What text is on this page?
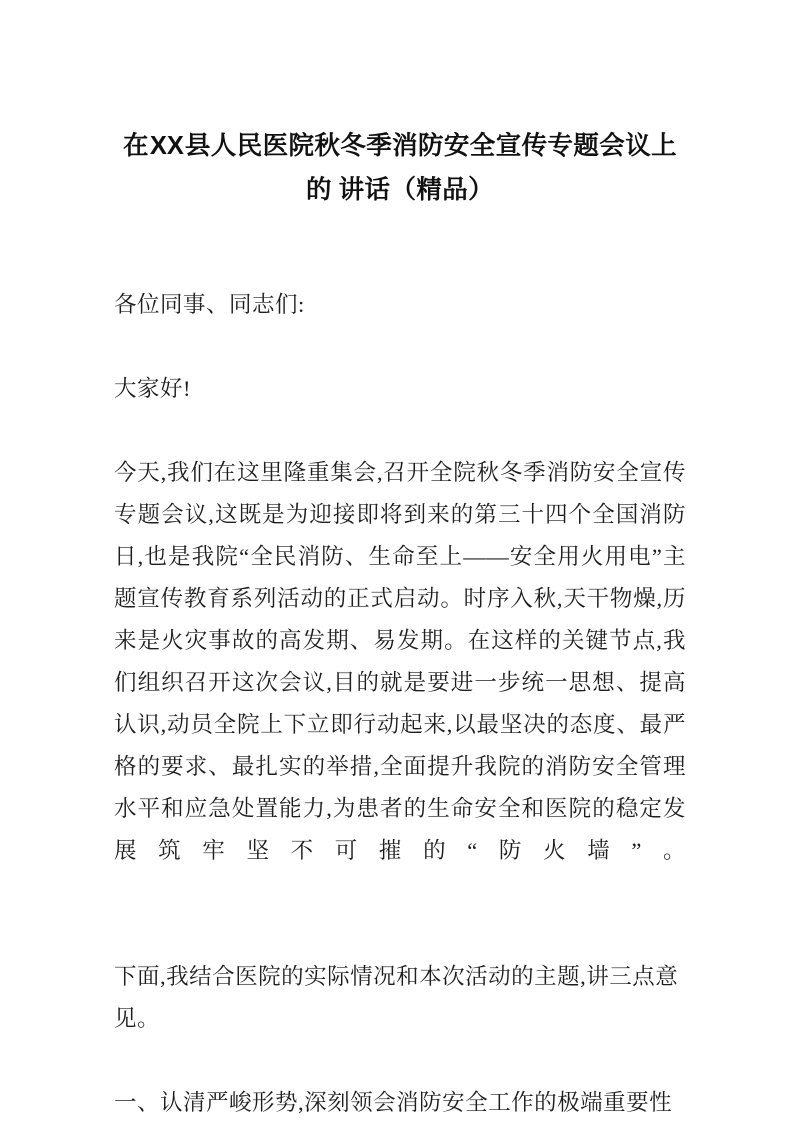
在XX县人民医院秋冬季消防安全宣传专题会议上的 讲话（精品）

各位同事、同志们:

大家好!

今天,我们在这里隆重集会,召开全院秋冬季消防安全宣传专题会议,这既是为迎接即将到来的第三十四个全国消防日,也是我院“全民消防、生命至上——安全用火用电”主题宣传教育系列活动的正式启动。时序入秋,天干物燥,历来是火灾事故的高发期、易发期。在这样的关键节点,我们组织召开这次会议,目的就是要进一步统一思想、提高认识,动员全院上下立即行动起来,以最坚决的态度、最严格的要求、最扎实的举措,全面提升我院的消防安全管理水平和应急处置能力,为患者的生命安全和医院的稳定发展筑牢坚不可摧的“防火墙”。

下面,我结合医院的实际情况和本次活动的主题,讲三点意见。

一、认清严峻形势,深刻领会消防安全工作的极端重要性
